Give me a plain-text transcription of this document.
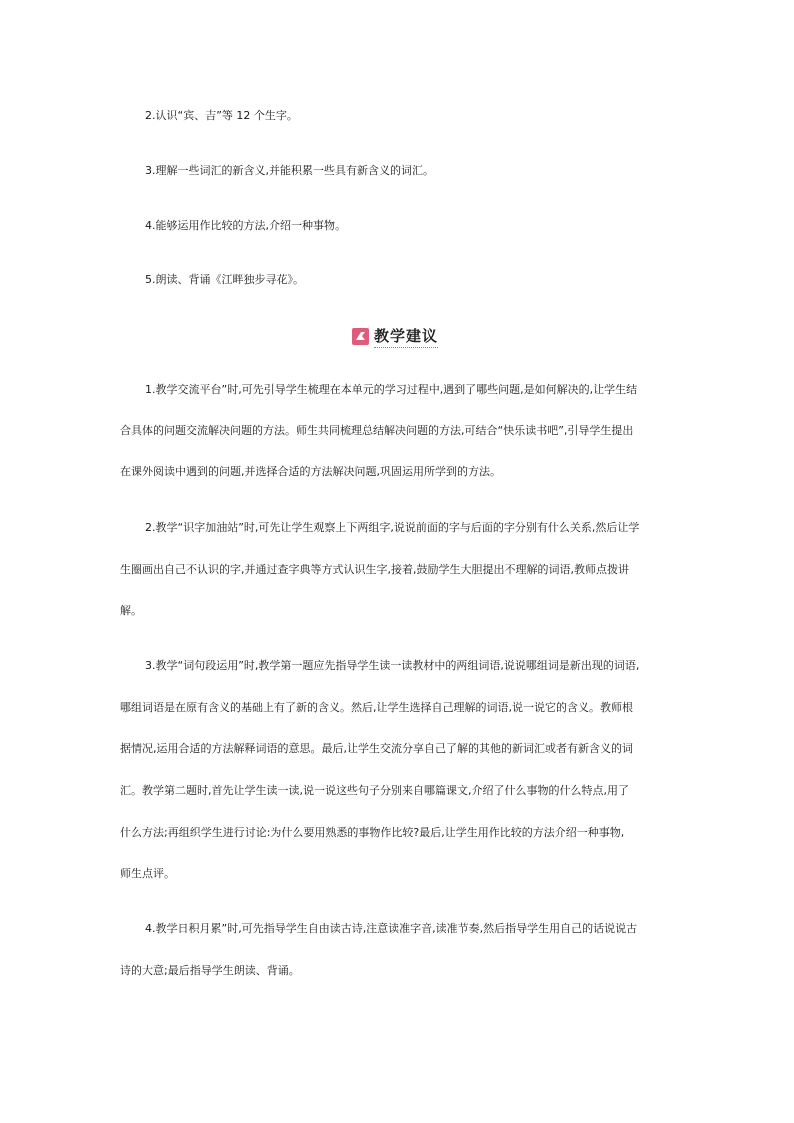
2.认识“宾、吉”等 12 个生字。
3.理解一些词汇的新含义,并能积累一些具有新含义的词汇。
4.能够运用作比较的方法,介绍一种事物。
5.朗读、背诵《江畔独步寻花》。
教学建议
1.教学交流平台”时,可先引导学生梳理在本单元的学习过程中,遇到了哪些问题,是如何解决的,让学生结
合具体的问题交流解决问题的方法。师生共同梳理总结解决问题的方法,可结合“快乐读书吧”,引导学生提出
在课外阅读中遇到的问题,并选择合适的方法解决问题,巩固运用所学到的方法。
2.教学“识字加油站”时,可先让学生观察上下两组字,说说前面的字与后面的字分别有什么关系,然后让学
生圈画出自己不认识的字,并通过查字典等方式认识生字,接着,鼓励学生大胆提出不理解的词语,教师点拨讲
解。
3.教学“词句段运用”时,教学第一题应先指导学生读一读教材中的两组词语,说说哪组词是新出现的词语,
哪组词语是在原有含义的基础上有了新的含义。然后,让学生选择自己理解的词语,说一说它的含义。教师根
据情况,运用合适的方法解释词语的意思。最后,让学生交流分享自己了解的其他的新词汇或者有新含义的词
汇。教学第二题时,首先让学生读一读,说一说这些句子分别来自哪篇课文,介绍了什么事物的什么特点,用了
什么方法;再组织学生进行讨论:为什么要用熟悉的事物作比较?最后,让学生用作比较的方法介绍一种事物,
师生点评。
4.教学日积月累”时,可先指导学生自由读古诗,注意读准字音,读准节奏,然后指导学生用自己的话说说古
诗的大意;最后指导学生朗读、背诵。
